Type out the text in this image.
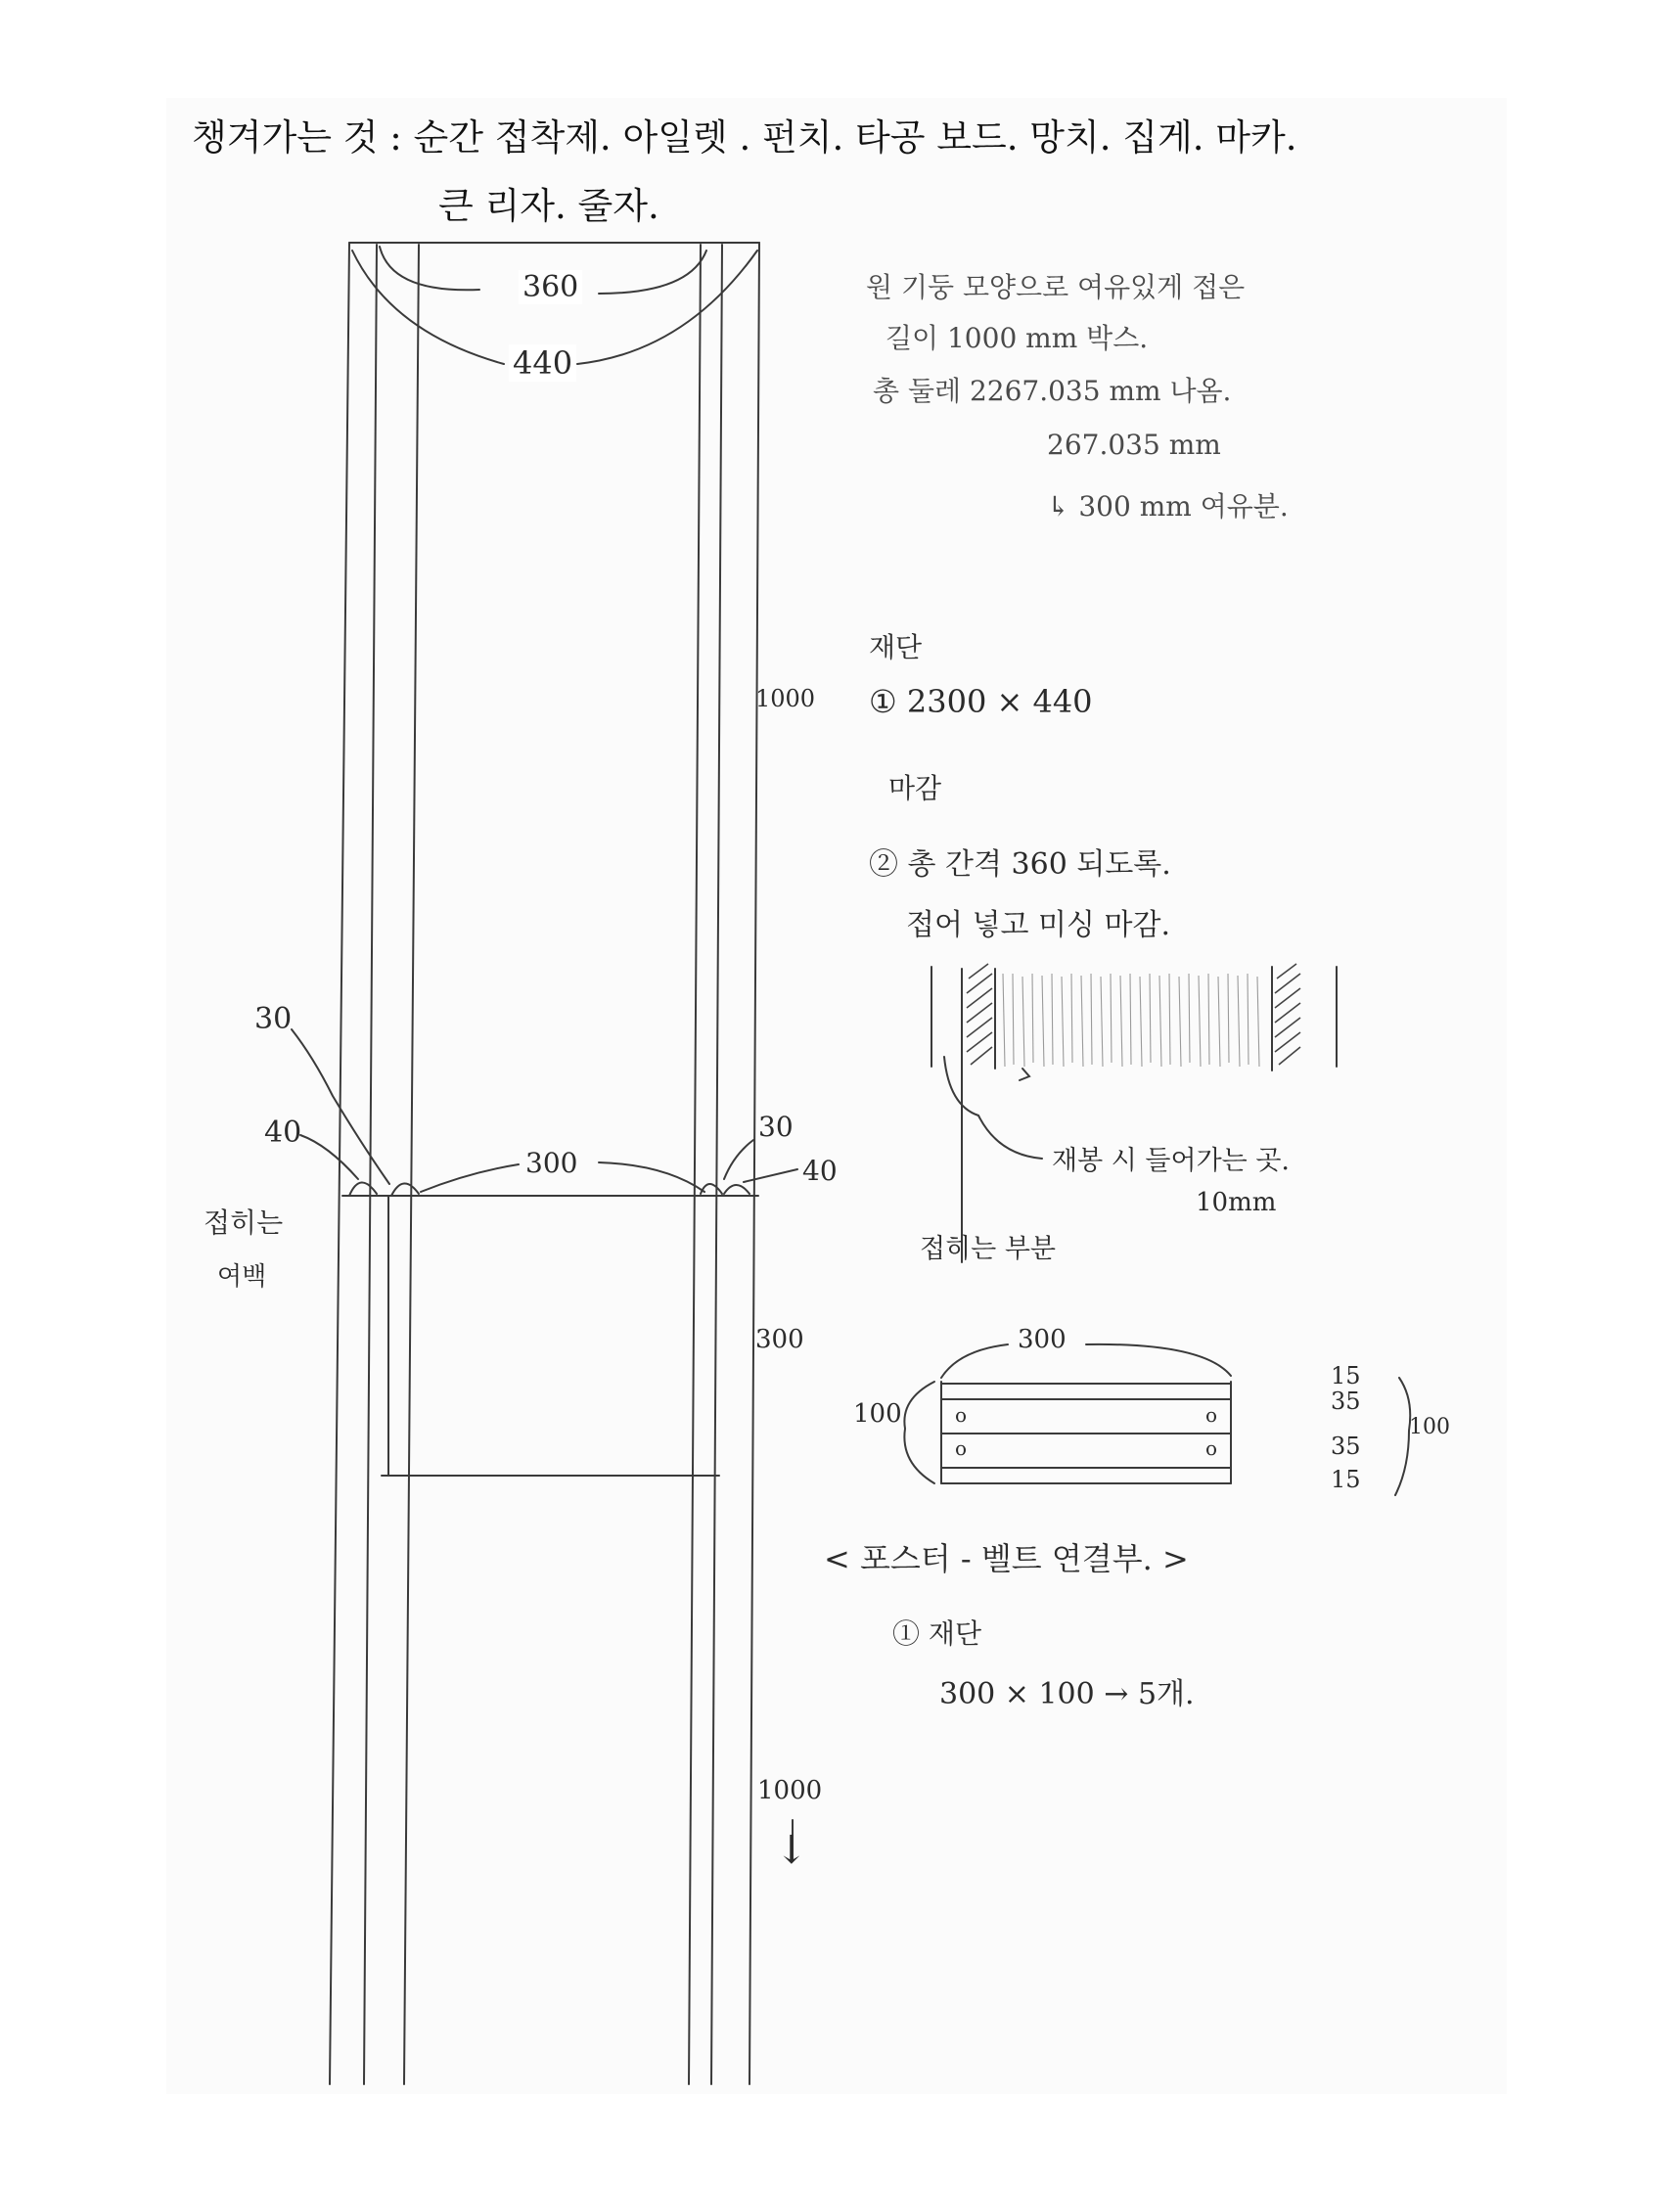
챙겨가는 것 : 순간 접착제. 아일렛 . 펀치. 타공 보드. 망치. 집게. 마카.
큰 리자. 줄자.
360
440
1000
30
40	30
40
300
접히는
여백
300
1000
↓
원 기둥 모양으로 여유있게 접은
길이 1000 mm 박스.
총 둘레 2267.035 mm 나옴.
267.035 mm
↳ 300 mm 여유분.
재단
① 2300 × 440
마감
② 총 간격 360 되도록.
접어 넣고 미싱 마감.
재봉 시 들어가는 곳.
10mm
접히는 부분
300
100
15
35
35
15
100
o
o
o
o
< 포스터 - 벨트 연결부. >
① 재단
300 × 100 → 5개.
